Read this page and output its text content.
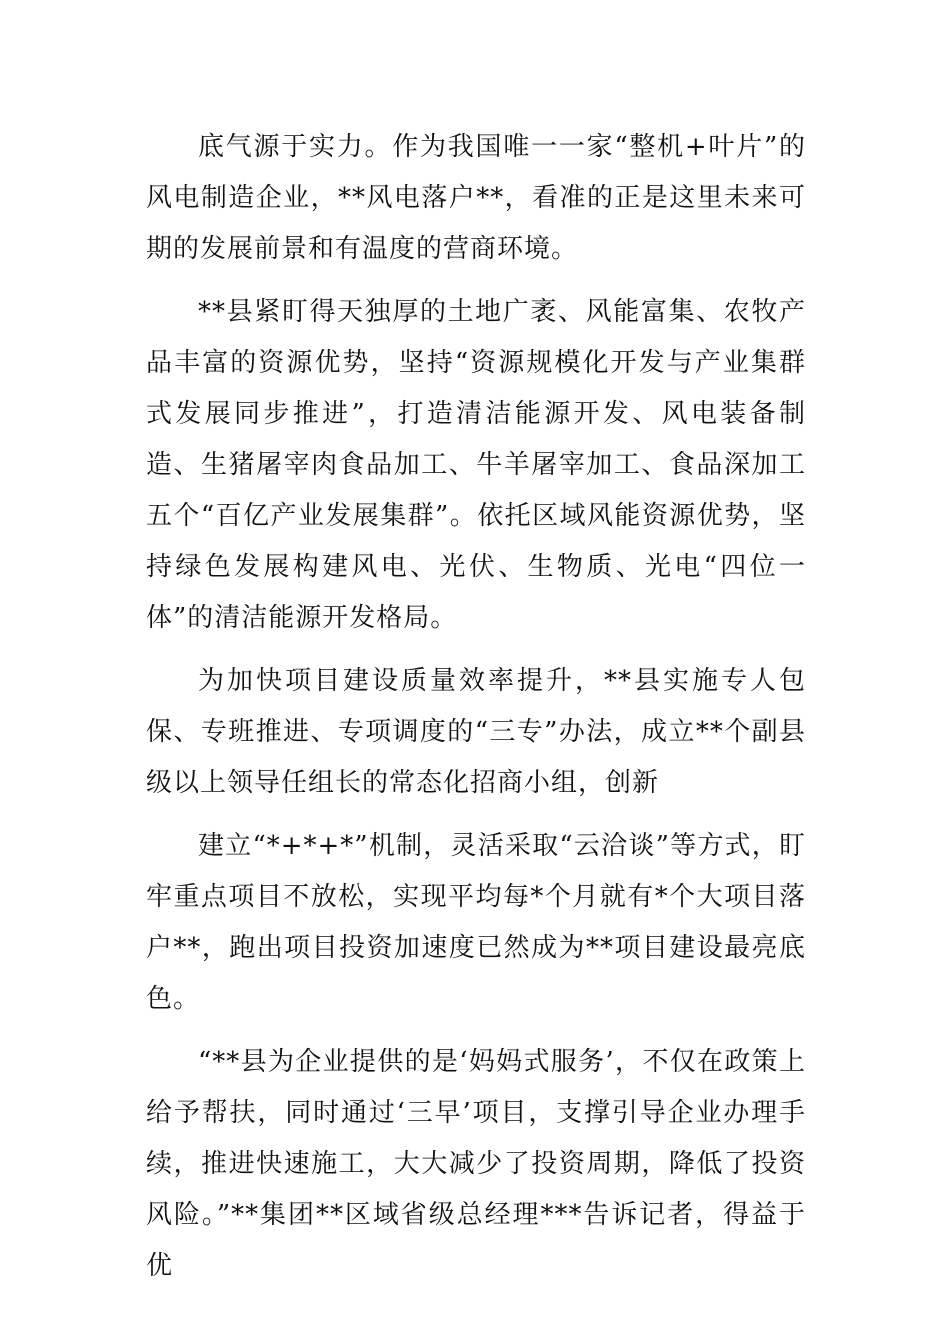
底气源于实力。作为我国唯一一家“整机+叶片”的风电制造企业，**风电落户**，看准的正是这里未来可期的发展前景和有温度的营商环境。

**县紧盯得天独厚的土地广袤、风能富集、农牧产品丰富的资源优势，坚持“资源规模化开发与产业集群式发展同步推进”，打造清洁能源开发、风电装备制造、生猪屠宰肉食品加工、牛羊屠宰加工、食品深加工五个“百亿产业发展集群”。依托区域风能资源优势，坚持绿色发展构建风电、光伏、生物质、光电“四位一体”的清洁能源开发格局。

为加快项目建设质量效率提升，**县实施专人包保、专班推进、专项调度的“三专”办法，成立**个副县级以上领导任组长的常态化招商小组，创新

建立“*+*+*”机制，灵活采取“云洽谈”等方式，盯牢重点项目不放松，实现平均每*个月就有*个大项目落户**，跑出项目投资加速度已然成为**项目建设最亮底色。

“**县为企业提供的是‘妈妈式服务’，不仅在政策上给予帮扶，同时通过‘三早’项目，支撑引导企业办理手续，推进快速施工，大大减少了投资周期，降低了投资风险。”**集团**区域省级总经理***告诉记者，得益于优
